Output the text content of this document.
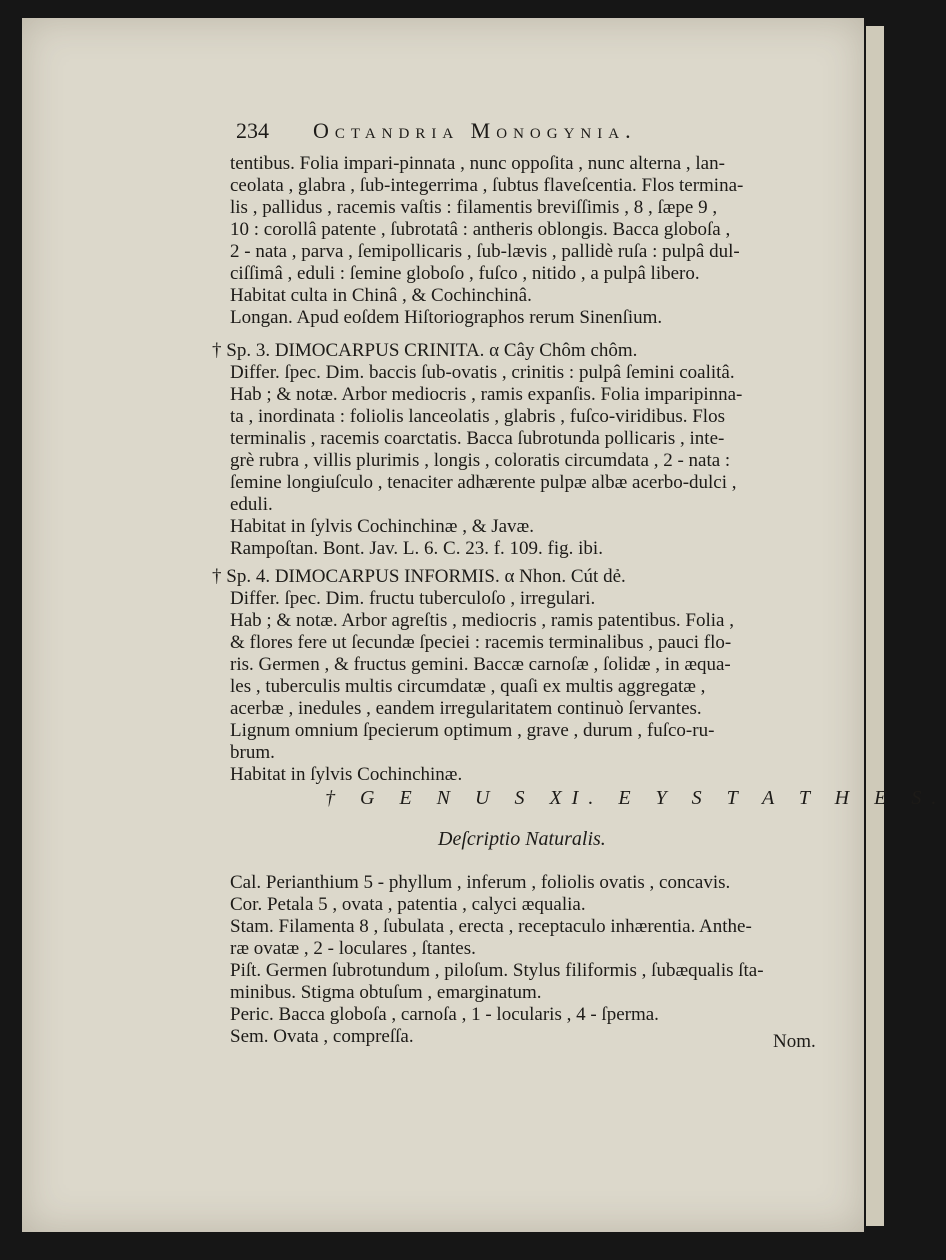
234 Octandria Monogynia.
tentibus. Folia impari-pinnata , nunc oppoſita , nunc alterna , lan-
ceolata , glabra , ſub-integerrima , ſubtus flaveſcentia. Flos termina-
lis , pallidus , racemis vaſtis : filamentis breviſſimis , 8 , ſæpe 9 ,
10 : corollâ patente , ſubrotatâ : antheris oblongis. Bacca globoſa ,
2 - nata , parva , ſemipollicaris , ſub-lævis , pallidè ruſa : pulpâ dul-
ciſſimâ , eduli : ſemine globoſo , fuſco , nitido , a pulpâ libero.
Habitat culta in Chinâ , & Cochinchinâ.
Longan. Apud eoſdem Hiſtoriographos rerum Sinenſium.
† Sp. 3. DIMOCARPUS CRINITA. α Cây Chôm chôm.
Differ. ſpec. Dim. baccis ſub-ovatis , crinitis : pulpâ ſemini coalitâ.
Hab ; & notæ. Arbor mediocris , ramis expanſis. Folia imparipinna-
ta , inordinata : foliolis lanceolatis , glabris , fuſco-viridibus. Flos
terminalis , racemis coarctatis. Bacca ſubrotunda pollicaris , inte-
grè rubra , villis plurimis , longis , coloratis circumdata , 2 - nata :
ſemine longiuſculo , tenaciter adhærente pulpæ albæ acerbo-dulci ,
eduli.
Habitat in ſylvis Cochinchinæ , & Javæ.
Rampoſtan. Bont. Jav. L. 6. C. 23. f. 109. fig. ibi.
† Sp. 4. DIMOCARPUS INFORMIS. α Nhon. Cút dẻ.
Differ. ſpec. Dim. fructu tuberculoſo , irregulari.
Hab ; & notæ. Arbor agreſtis , mediocris , ramis patentibus. Folia ,
& flores fere ut ſecundæ ſpeciei : racemis terminalibus , pauci flo-
ris. Germen , & fructus gemini. Baccæ carnoſæ , ſolidæ , in æqua-
les , tuberculis multis circumdatæ , quaſi ex multis aggregatæ ,
acerbæ , inedules , eandem irregularitatem continuò ſervantes.
Lignum omnium ſpecierum optimum , grave , durum , fuſco-ru-
brum.
Habitat in ſylvis Cochinchinæ.
† G E N U S XI. E Y S T A T H E S.
Deſcriptio Naturalis.
Cal. Perianthium 5 - phyllum , inferum , foliolis ovatis , concavis.
Cor. Petala 5 , ovata , patentia , calyci æqualia.
Stam. Filamenta 8 , ſubulata , erecta , receptaculo inhærentia. Anthe-
ræ ovatæ , 2 - loculares , ſtantes.
Piſt. Germen ſubrotundum , piloſum. Stylus filiformis , ſubæqualis ſta-
minibus. Stigma obtuſum , emarginatum.
Peric. Bacca globoſa , carnoſa , 1 - locularis , 4 - ſperma.
Sem. Ovata , compreſſa.	Nom.
